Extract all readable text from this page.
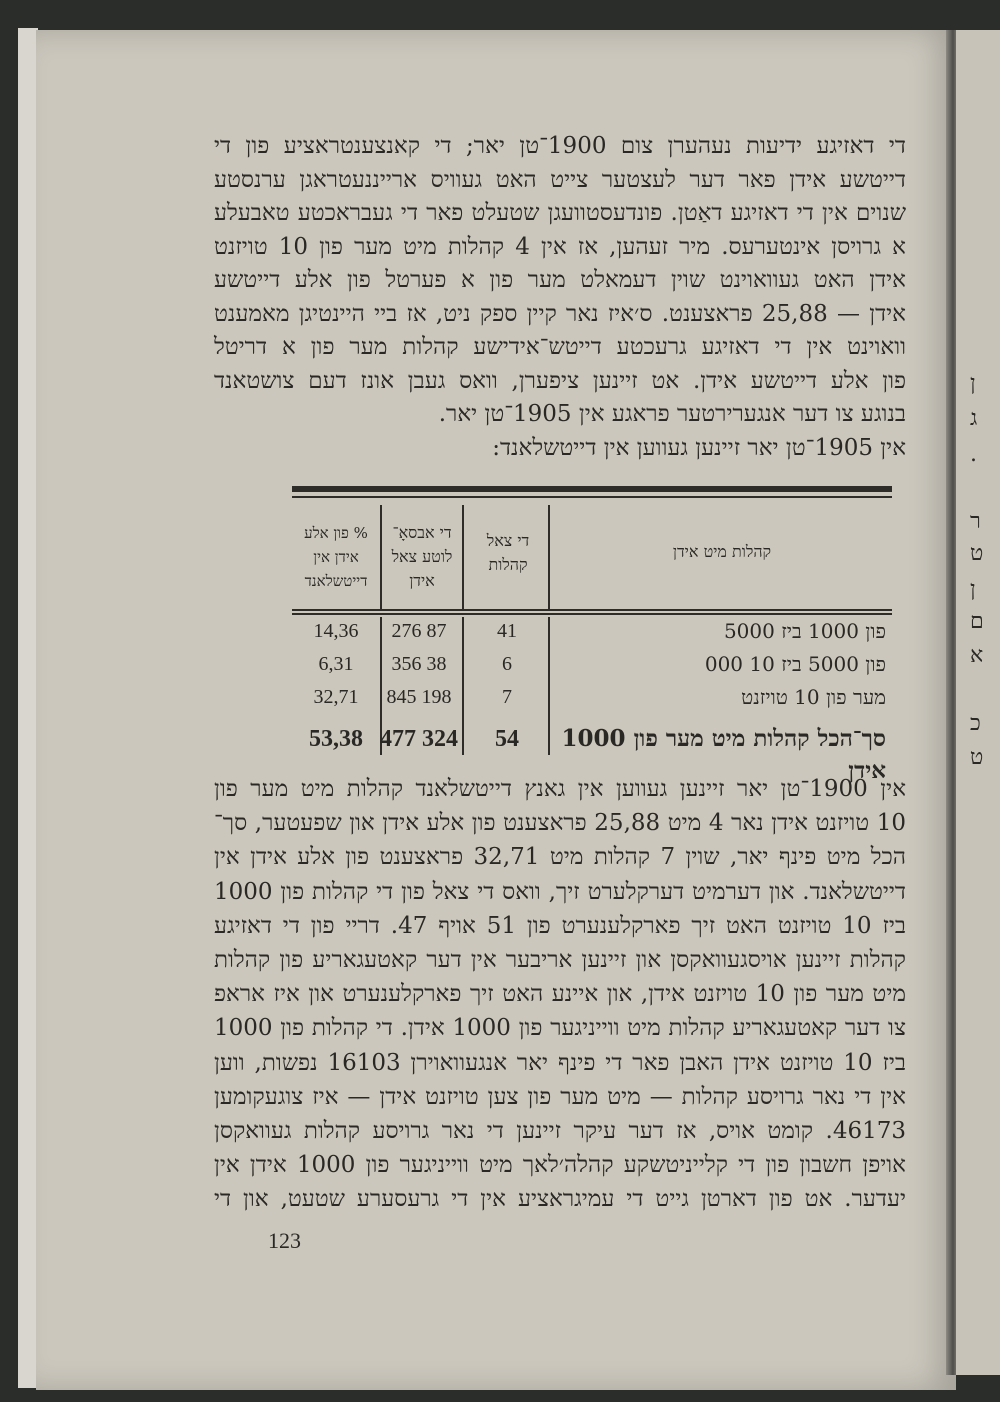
ן
ג
.
ר
ט
ן
ם
א
כ
ט
די דאזיגע ידיעות נעהערן צום 1900־טן יאר; די קאנצענטראציע פון די
דייטשע אידן פאר דער לעצטער צייט האט געוויס ארייננעטראגן ערנסטע
שנוים אין די דאזיגע דאַטן. פונדעסטוועגן שטעלט פאר די געבראכטע טאבעלע
א גרויסן אינטערעס. מיר זעהען, אז אין 4 קהלות מיט מער פון 10 טויזנט
אידן האט געוואוינט שוין דעמאלט מער פון א פערטל פון אלע דייטשע
אידן — 25,88 פראצענט. ס׳איז נאר קיין ספק ניט, אז ביי היינטיגן מאמענט
וואוינט אין די דאזיגע גרעכטע דייטש־אידישע קהלות מער פון א דריטל
פון אלע דייטשע אידן. אט זיינען ציפערן, וואס געבן אונז דעם צושטאנד
בנוגע צו דער אנגערירטער פראגע אין 1905־טן יאר.
אין 1905־טן יאר זיינען געווען אין דייטשלאנד:
קהלות מיט אידן
די צאל קהלות
די אבסאָ־ לוטע צאל אידן
% פון אלע אידן אין דייטשלאנד
פון 1000 ביז 5000
41
87 276
14,36
פון 5000 ביז 10 000
6
38 356
6,31
מער פון 10 טויזנט
7
198 845
32,71
סך־הכל קהלות מיט מער פון 1000 אידן
54
324 477
53,38
אין 1900־טן יאר זיינען געווען אין גאנץ דייטשלאנד קהלות מיט מער פון
10 טויזנט אידן נאר 4 מיט 25,88 פראצענט פון אלע אידן און שפעטער, סך־
הכל מיט פינף יאר, שוין 7 קהלות מיט 32,71 פראצענט פון אלע אידן אין
דייטשלאנד. און דערמיט דערקלערט זיך, וואס די צאל פון די קהלות פון 1000
ביז 10 טויזנט האט זיך פארקלענערט פון 51 אויף 47. דריי פון די דאזיגע
קהלות זיינען אויסגעוואקסן און זיינען אריבער אין דער קאטעגאריע פון קהלות
מיט מער פון 10 טויזנט אידן, און איינע האט זיך פארקלענערט און איז אראפ
צו דער קאטעגאריע קהלות מיט ווייניגער פון 1000 אידן. די קהלות פון 1000
ביז 10 טויזנט אידן האבן פאר די פינף יאר אנגעוואוירן 16103 נפשות, ווען
אין די נאר גרויסע קהלות — מיט מער פון צען טויזנט אידן — איז צוגעקומען
46173. קומט אויס, אז דער עיקר זיינען די נאר גרויסע קהלות געוואקסן
אויפן חשבון פון די קלייניטשקע קהלה׳לאך מיט ווייניגער פון 1000 אידן אין
יעדער. אט פון דארטן גייט די עמיגראציע אין די גרעסערע שטעט, און די
123
